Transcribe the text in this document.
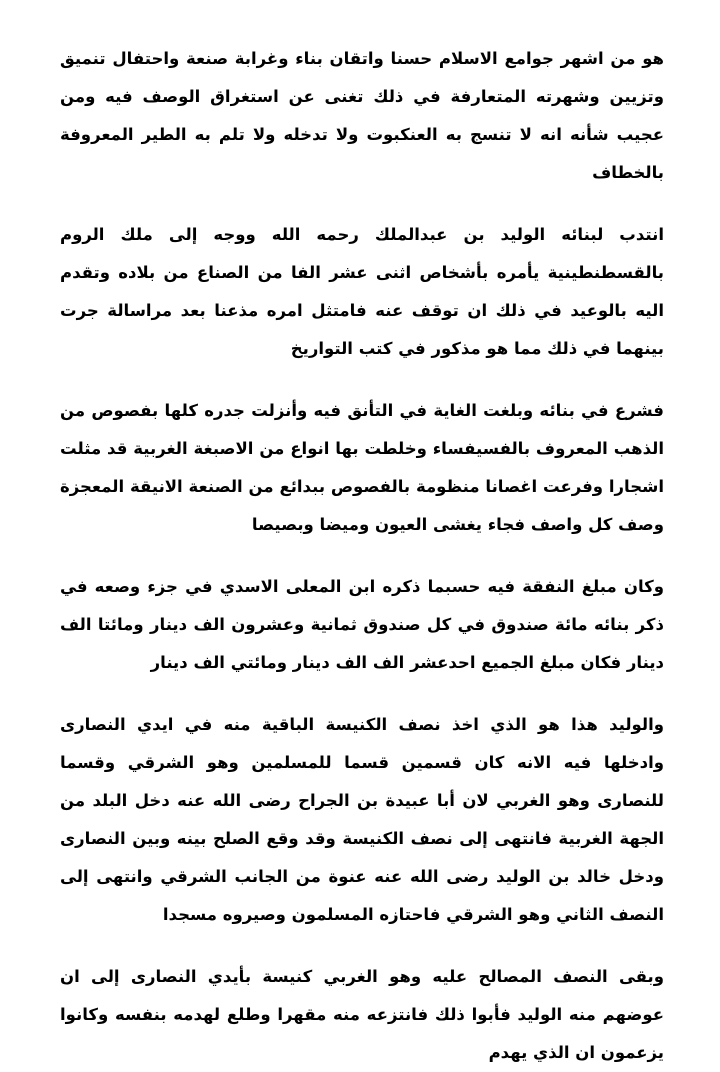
هو من اشهر جوامع الاسلام حسنا واتقان بناء وغرابة صنعة واحتفال تنميق وتزيين وشهرته المتعارفة في ذلك تغنى عن استغراق الوصف فيه ومن عجيب شأنه انه لا تنسج به العنكبوت ولا تدخله ولا تلم به الطير المعروفة بالخطاف

انتدب لبنائه الوليد بن عبدالملك رحمه الله ووجه إلى ملك الروم بالقسطنطينية يأمره بأشخاص اثنى عشر الفا من الصناع من بلاده وتقدم اليه بالوعيد في ذلك ان توقف عنه فامتثل امره مذعنا بعد مراسالة جرت بينهما في ذلك مما هو مذكور في كتب التواريخ

فشرع في بنائه وبلغت الغاية في التأنق فيه وأنزلت جدره كلها بفصوص من الذهب المعروف بالفسيفساء وخلطت بها انواع من الاصبغة الغربية قد مثلت اشجارا وفرعت اغصانا منظومة بالفصوص ببدائع من الصنعة الانيقة المعجزة وصف كل واصف فجاء يغشى العيون وميضا وبصيصا

وكان مبلغ النفقة فيه حسبما ذكره ابن المعلى الاسدي في جزء وصعه في ذكر بنائه مائة صندوق في كل صندوق ثمانية وعشرون الف دينار ومائتا الف دينار فكان مبلغ الجميع احدعشر الف الف دينار ومائتي الف دينار

والوليد هذا هو الذي اخذ نصف الكنيسة الباقية منه في ايدي النصارى وادخلها فيه الانه كان قسمين قسما للمسلمين وهو الشرقي وقسما للنصارى وهو الغربي لان أبا عبيدة بن الجراح رضى الله عنه دخل البلد من الجهة الغربية فانتهى إلى نصف الكنيسة وقد وقع الصلح بينه وبين النصارى ودخل خالد بن الوليد رضى الله عنه عنوة من الجانب الشرقي وانتهى إلى النصف الثاني وهو الشرقي فاحتازه المسلمون وصيروه مسجدا

وبقى النصف المصالح عليه وهو الغربي كنيسة بأيدي النصارى إلى ان عوضهم منه الوليد فأبوا ذلك فانتزعه منه مقهرا وطلع لهدمه بنفسه وكانوا يزعمون ان الذي يهدم
